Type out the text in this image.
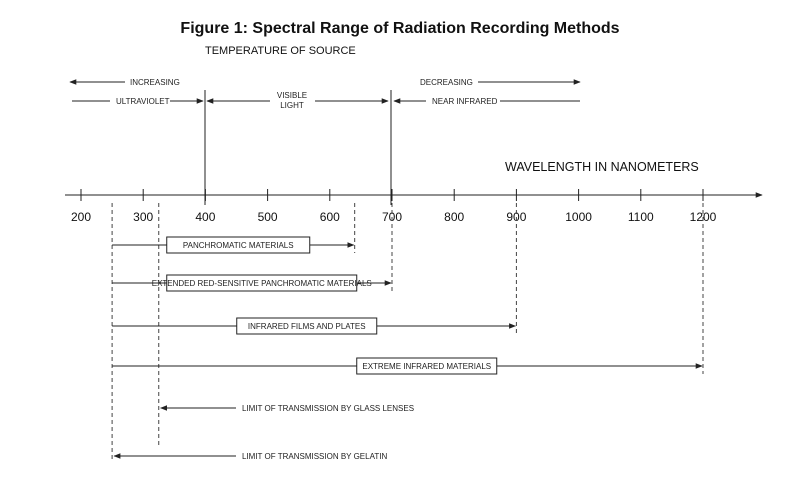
Figure 1: Spectral Range of Radiation Recording Methods
TEMPERATURE OF SOURCE
INCREASING	DECREASING
ULTRAVIOLET
VISIBLE
LIGHT	NEAR INFRARED
WAVELENGTH IN NANOMETERS
200	300	400	500	600	700	800	900	1000	1100	1200
PANCHROMATIC MATERIALS
EXTENDED RED-SENSITIVE PANCHROMATIC MATERIALS
INFRARED FILMS AND PLATES
EXTREME INFRARED MATERIALS
LIMIT OF TRANSMISSION BY GLASS LENSES
LIMIT OF TRANSMISSION BY GELATIN
